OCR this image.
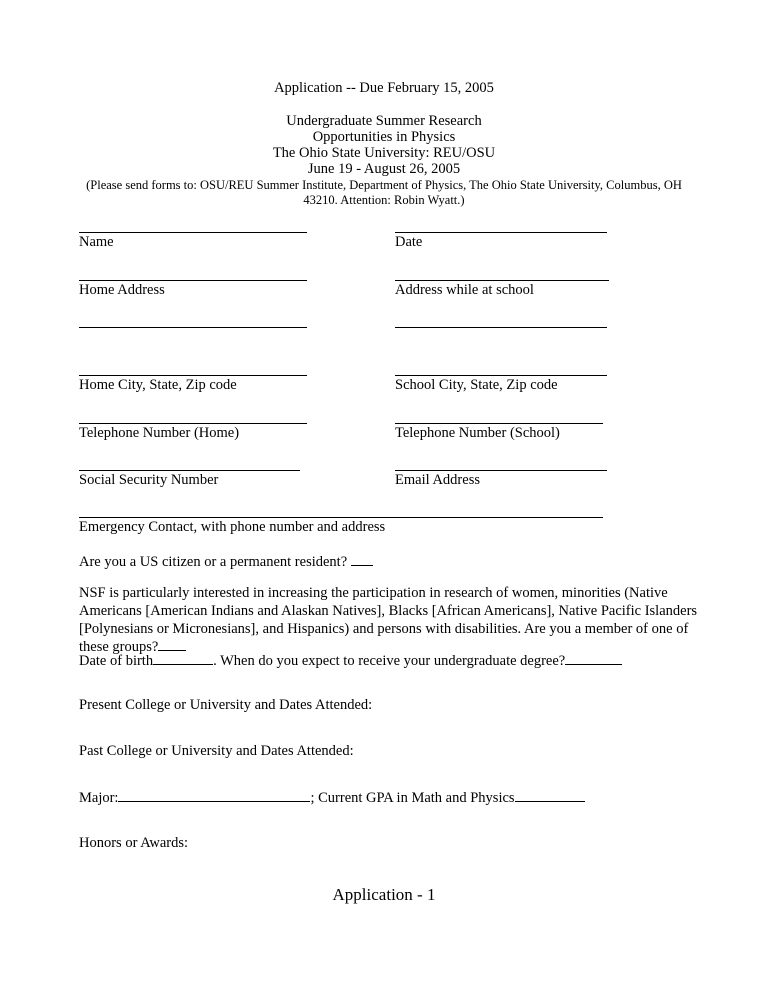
Application -- Due February 15, 2005
Undergraduate Summer Research
Opportunities in Physics
The Ohio State University: REU/OSU
June 19 - August 26, 2005
(Please send forms to: OSU/REU Summer Institute, Department of Physics, The Ohio State University, Columbus, OH
43210. Attention: Robin Wyatt.)
Name	Date
Home Address	Address while at school
Home City, State, Zip code	School City, State, Zip code
Telephone Number (Home)	Telephone Number (School)
Social Security Number	Email Address
Emergency Contact, with phone number and address
Are you a US citizen or a permanent resident?
NSF is particularly interested in increasing the participation in research of women, minorities (Native Americans [American Indians and Alaskan Natives], Blacks [African Americans], Native Pacific Islanders [Polynesians or Micronesians], and Hispanics) and persons with disabilities. Are you a member of one of these groups?
Date of birth	. When do you expect to receive your undergraduate degree?
Present College or University and Dates Attended:
Past College or University and Dates Attended:
Major:	; Current GPA in Math and Physics
Honors or Awards:
Application - 1
